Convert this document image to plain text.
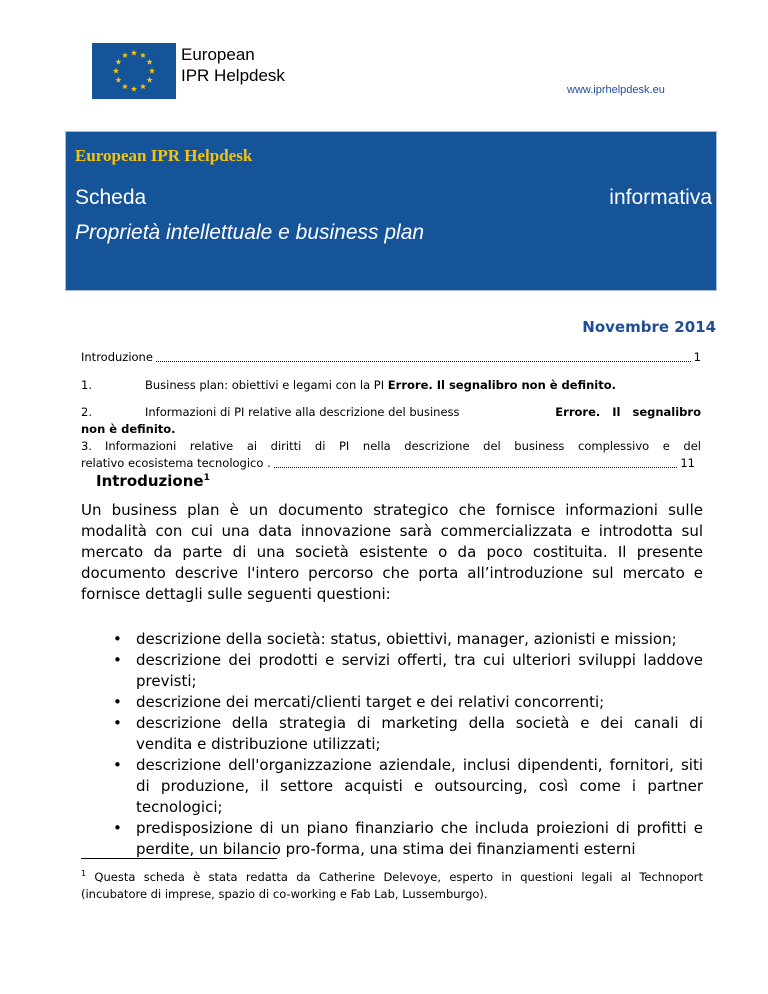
European
IPR Helpdesk
www.iprhelpdesk.eu
European IPR Helpdesk
Scheda	informativa
Proprietà intellettuale e business plan
Novembre 2014
Introduzione	1
1.	Business plan: obiettivi e legami con la PI Errore. Il segnalibro non è definito.
2.	Informazioni di PI relative alla descrizione del business	Errore.   Il   segnalibro
non è definito.
3.	Informazioni relative ai diritti di PI nella descrizione del business complessivo e del
relativo ecosistema tecnologico .	11
Introduzione$^1$
Un business plan è un documento strategico che fornisce informazioni sulle modalità con cui una data innovazione sarà commercializzata e introdotta sul mercato da parte di una società esistente o da poco costituita. Il presente documento descrive l'intero percorso che porta all’introduzione sul mercato e fornisce dettagli sulle seguenti questioni:
• descrizione della società: status, obiettivi, manager, azionisti e mission;
• descrizione dei prodotti e servizi offerti, tra cui ulteriori sviluppi laddove previsti;
• descrizione dei mercati/clienti target e dei relativi concorrenti;
• descrizione della strategia di marketing della società e dei canali di vendita e distribuzione utilizzati;
• descrizione dell'organizzazione aziendale, inclusi dipendenti, fornitori, siti di produzione, il settore acquisti e outsourcing, così come i partner tecnologici;
• predisposizione di un piano finanziario che includa proiezioni di profitti e perdite, un bilancio pro-forma, una stima dei finanziamenti esterni
$^1$ Questa scheda è stata redatta da Catherine Delevoye, esperto in questioni legali al Technoport (incubatore di imprese, spazio di co-working e Fab Lab, Lussemburgo).
